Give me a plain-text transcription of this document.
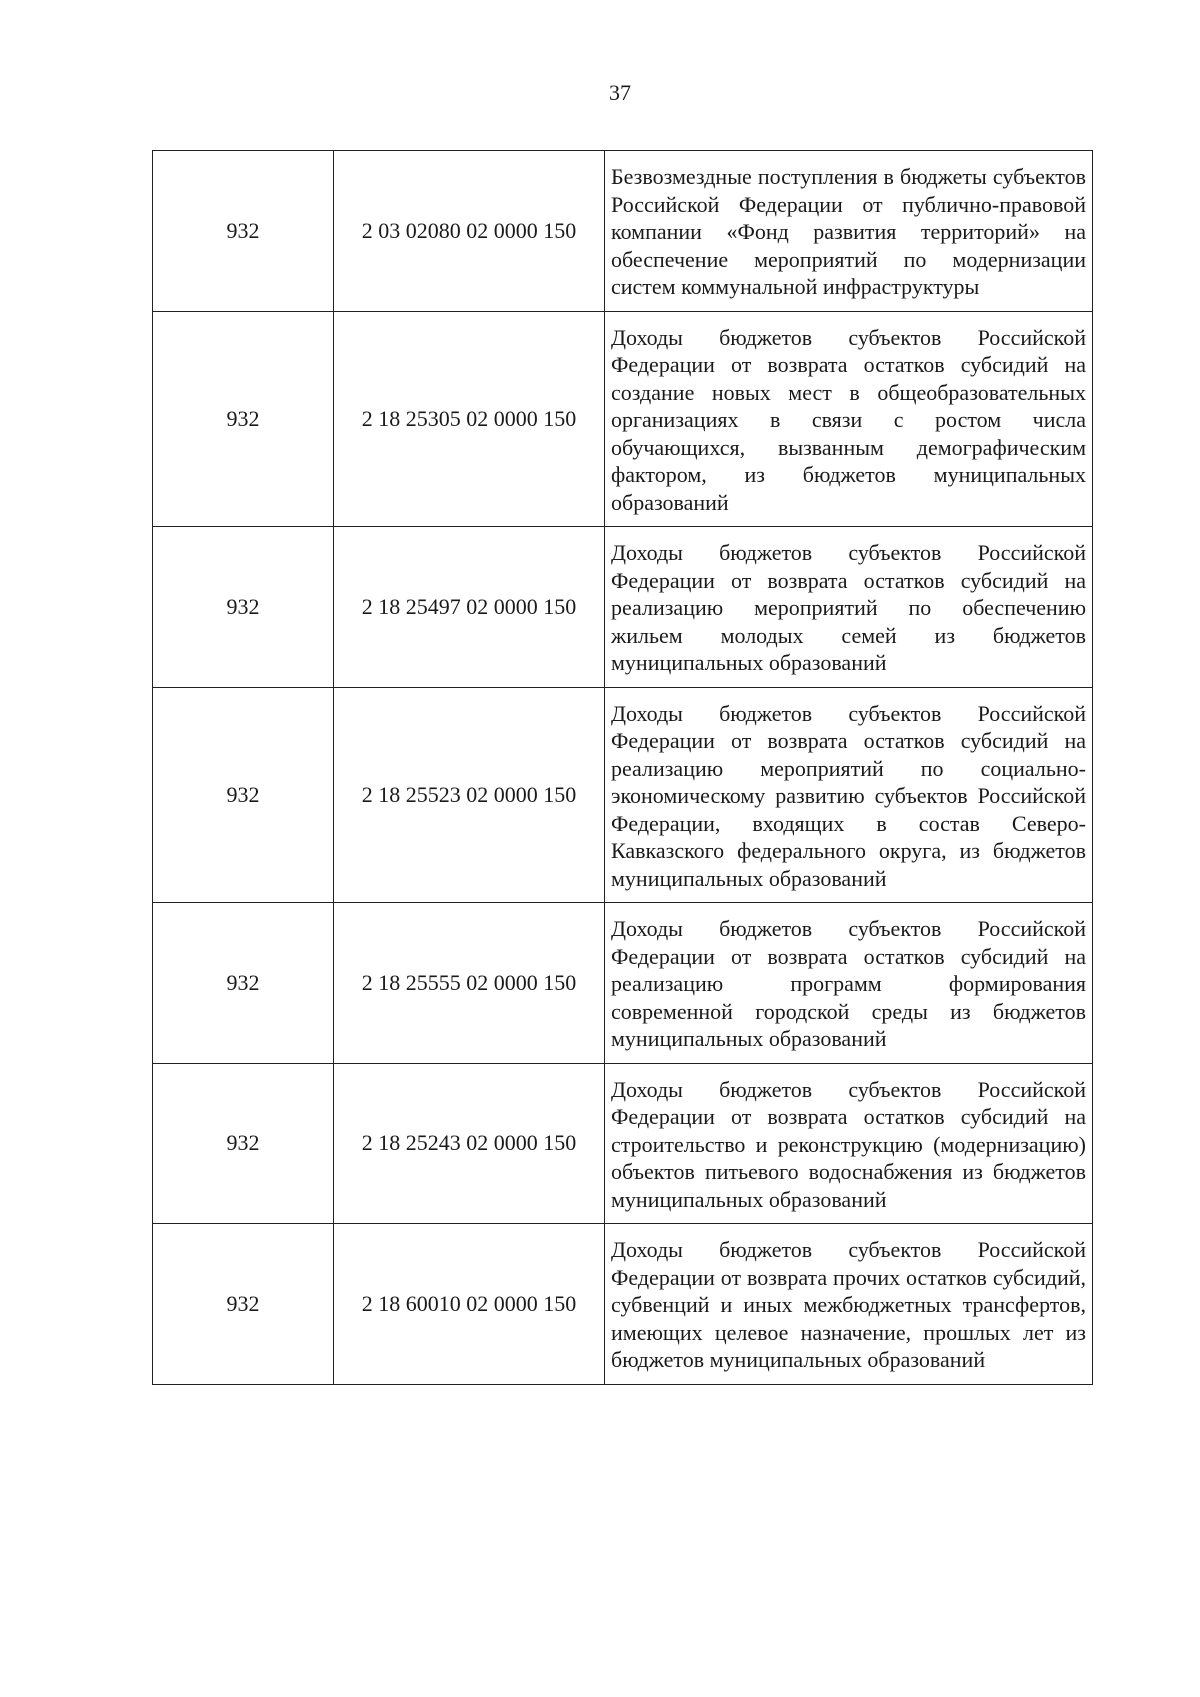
37
932	2 03 02080 02 0000 150	Безвозмездные поступления в бюджеты субъектов Российской Федерации от публично-правовой компании «Фонд развития территорий» на обеспечение мероприятий по модернизации систем коммунальной инфраструктуры
932	2 18 25305 02 0000 150	Доходы бюджетов субъектов Российской Федерации от возврата остатков субсидий на создание новых мест в общеобразовательных организациях в связи с ростом числа обучающихся, вызванным демографическим фактором, из бюджетов муниципальных образований
932	2 18 25497 02 0000 150	Доходы бюджетов субъектов Российской Федерации от возврата остатков субсидий на реализацию мероприятий по обеспечению жильем молодых семей из бюджетов муниципальных образований
932	2 18 25523 02 0000 150	Доходы бюджетов субъектов Российской Федерации от возврата остатков субсидий на реализацию мероприятий по социально-экономическому развитию субъектов Российской Федерации, входящих в состав Северо-Кавказского федерального округа, из бюджетов муниципальных образований
932	2 18 25555 02 0000 150	Доходы бюджетов субъектов Российской Федерации от возврата остатков субсидий на реализацию программ формирования современной городской среды из бюджетов муниципальных образований
932	2 18 25243 02 0000 150	Доходы бюджетов субъектов Российской Федерации от возврата остатков субсидий на строительство и реконструкцию (модернизацию) объектов питьевого водоснабжения из бюджетов муниципальных образований
932	2 18 60010 02 0000 150	Доходы бюджетов субъектов Российской Федерации от возврата прочих остатков субсидий, субвенций и иных межбюджетных трансфертов, имеющих целевое назначение, прошлых лет из бюджетов муниципальных образований
